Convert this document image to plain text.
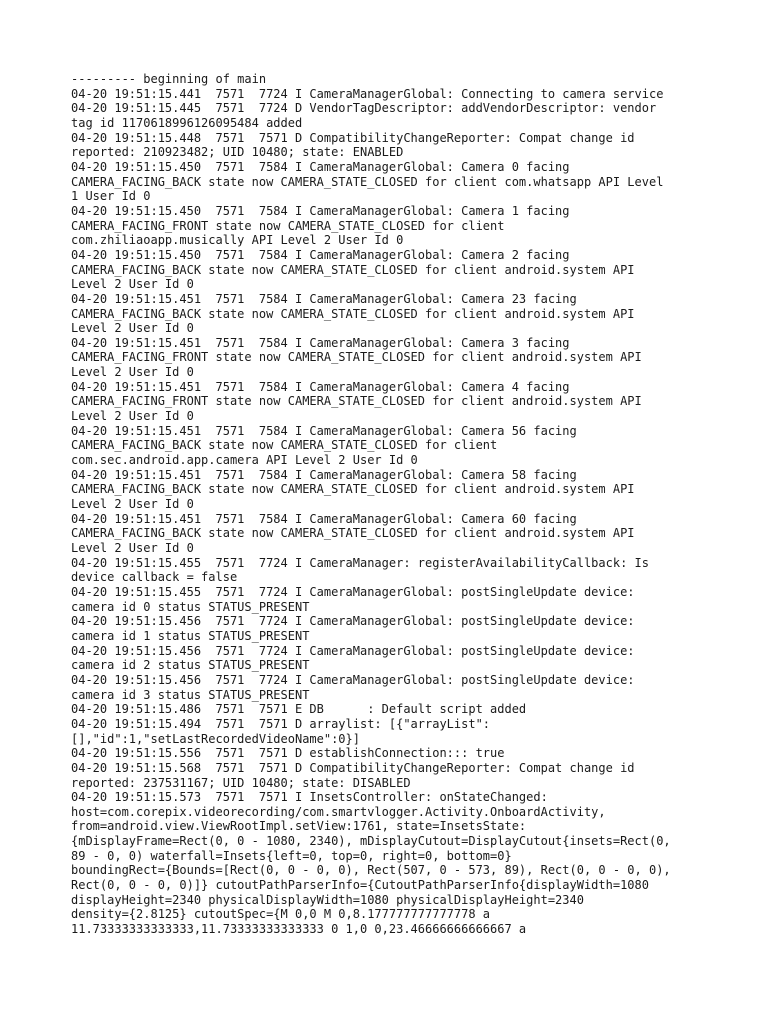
--------- beginning of main
04-20 19:51:15.441  7571  7724 I CameraManagerGlobal: Connecting to camera service
04-20 19:51:15.445  7571  7724 D VendorTagDescriptor: addVendorDescriptor: vendor
tag id 1170618996126095484 added
04-20 19:51:15.448  7571  7571 D CompatibilityChangeReporter: Compat change id
reported: 210923482; UID 10480; state: ENABLED
04-20 19:51:15.450  7571  7584 I CameraManagerGlobal: Camera 0 facing
CAMERA_FACING_BACK state now CAMERA_STATE_CLOSED for client com.whatsapp API Level
1 User Id 0
04-20 19:51:15.450  7571  7584 I CameraManagerGlobal: Camera 1 facing
CAMERA_FACING_FRONT state now CAMERA_STATE_CLOSED for client
com.zhiliaoapp.musically API Level 2 User Id 0
04-20 19:51:15.450  7571  7584 I CameraManagerGlobal: Camera 2 facing
CAMERA_FACING_BACK state now CAMERA_STATE_CLOSED for client android.system API
Level 2 User Id 0
04-20 19:51:15.451  7571  7584 I CameraManagerGlobal: Camera 23 facing
CAMERA_FACING_BACK state now CAMERA_STATE_CLOSED for client android.system API
Level 2 User Id 0
04-20 19:51:15.451  7571  7584 I CameraManagerGlobal: Camera 3 facing
CAMERA_FACING_FRONT state now CAMERA_STATE_CLOSED for client android.system API
Level 2 User Id 0
04-20 19:51:15.451  7571  7584 I CameraManagerGlobal: Camera 4 facing
CAMERA_FACING_FRONT state now CAMERA_STATE_CLOSED for client android.system API
Level 2 User Id 0
04-20 19:51:15.451  7571  7584 I CameraManagerGlobal: Camera 56 facing
CAMERA_FACING_BACK state now CAMERA_STATE_CLOSED for client
com.sec.android.app.camera API Level 2 User Id 0
04-20 19:51:15.451  7571  7584 I CameraManagerGlobal: Camera 58 facing
CAMERA_FACING_BACK state now CAMERA_STATE_CLOSED for client android.system API
Level 2 User Id 0
04-20 19:51:15.451  7571  7584 I CameraManagerGlobal: Camera 60 facing
CAMERA_FACING_BACK state now CAMERA_STATE_CLOSED for client android.system API
Level 2 User Id 0
04-20 19:51:15.455  7571  7724 I CameraManager: registerAvailabilityCallback: Is
device callback = false
04-20 19:51:15.455  7571  7724 I CameraManagerGlobal: postSingleUpdate device:
camera id 0 status STATUS_PRESENT
04-20 19:51:15.456  7571  7724 I CameraManagerGlobal: postSingleUpdate device:
camera id 1 status STATUS_PRESENT
04-20 19:51:15.456  7571  7724 I CameraManagerGlobal: postSingleUpdate device:
camera id 2 status STATUS_PRESENT
04-20 19:51:15.456  7571  7724 I CameraManagerGlobal: postSingleUpdate device:
camera id 3 status STATUS_PRESENT
04-20 19:51:15.486  7571  7571 E DB      : Default script added
04-20 19:51:15.494  7571  7571 D arraylist: [{"arrayList":
[],"id":1,"setLastRecordedVideoName":0}]
04-20 19:51:15.556  7571  7571 D establishConnection::: true
04-20 19:51:15.568  7571  7571 D CompatibilityChangeReporter: Compat change id
reported: 237531167; UID 10480; state: DISABLED
04-20 19:51:15.573  7571  7571 I InsetsController: onStateChanged:
host=com.corepix.videorecording/com.smartvlogger.Activity.OnboardActivity,
from=android.view.ViewRootImpl.setView:1761, state=InsetsState:
{mDisplayFrame=Rect(0, 0 - 1080, 2340), mDisplayCutout=DisplayCutout{insets=Rect(0,
89 - 0, 0) waterfall=Insets{left=0, top=0, right=0, bottom=0}
boundingRect={Bounds=[Rect(0, 0 - 0, 0), Rect(507, 0 - 573, 89), Rect(0, 0 - 0, 0),
Rect(0, 0 - 0, 0)]} cutoutPathParserInfo={CutoutPathParserInfo{displayWidth=1080
displayHeight=2340 physicalDisplayWidth=1080 physicalDisplayHeight=2340
density={2.8125} cutoutSpec={M 0,0 M 0,8.177777777777778 a
11.73333333333333,11.73333333333333 0 1,0 0,23.46666666666667 a
